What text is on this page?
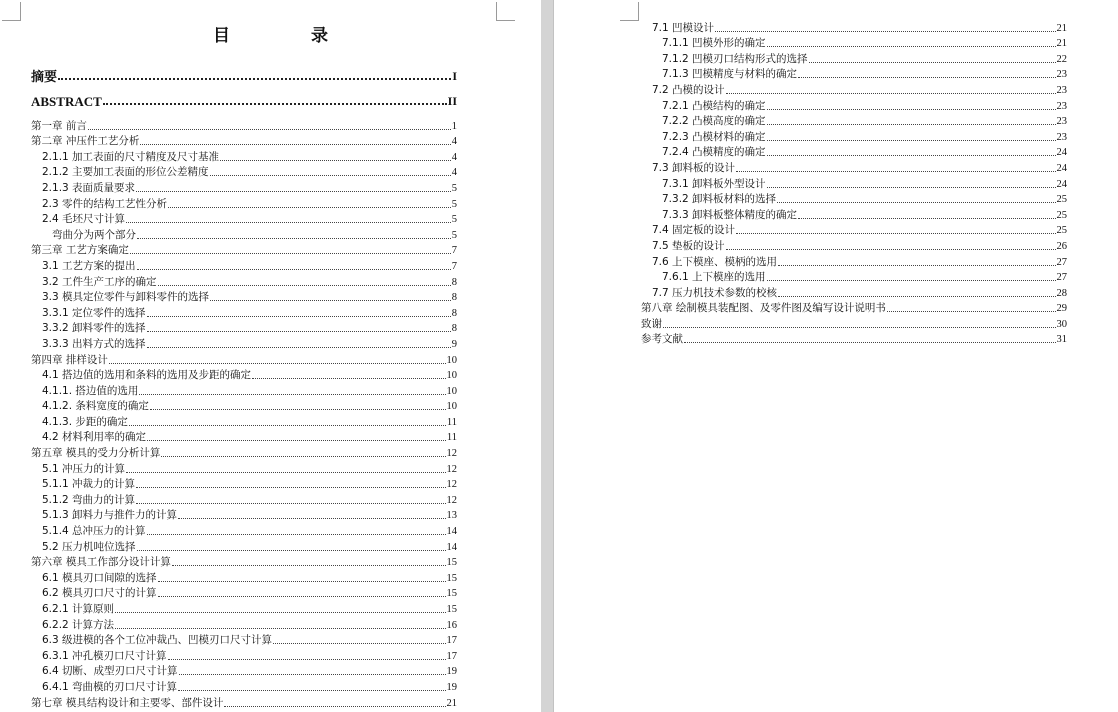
目　录
摘要	I
ABSTRACT	II
第一章 前言	1
第二章 冲压件工艺分析	4
2.1.1 加工表面的尺寸精度及尺寸基准	4
2.1.2 主要加工表面的形位公差精度	4
2.1.3 表面质量要求	5
2.3 零件的结构工艺性分析	5
2.4 毛坯尺寸计算	5
弯曲分为两个部分	5
第三章 工艺方案确定	7
3.1 工艺方案的提出	7
3.2 工件生产工序的确定	8
3.3 模具定位零件与卸料零件的选择	8
3.3.1 定位零件的选择	8
3.3.2 卸料零件的选择	8
3.3.3 出料方式的选择	9
第四章 排样设计	10
4.1 搭边值的选用和条料的选用及步距的确定	10
4.1.1. 搭边值的选用	10
4.1.2. 条料宽度的确定	10
4.1.3. 步距的确定	11
4.2 材料利用率的确定	11
第五章 模具的受力分析计算	12
5.1 冲压力的计算	12
5.1.1 冲裁力的计算	12
5.1.2 弯曲力的计算	12
5.1.3 卸料力与推件力的计算	13
5.1.4 总冲压力的计算	14
5.2 压力机吨位选择	14
第六章 模具工作部分设计计算	15
6.1 模具刃口间隙的选择	15
6.2 模具刃口尺寸的计算	15
6.2.1 计算原则	15
6.2.2 计算方法	16
6.3 级进模的各个工位冲裁凸、凹模刃口尺寸计算	17
6.3.1 冲孔模刃口尺寸计算	17
6.4 切断、成型刃口尺寸计算	19
6.4.1 弯曲模的刃口尺寸计算	19
第七章 模具结构设计和主要零、部件设计	21
7.1 凹模设计	21
7.1.1 凹模外形的确定	21
7.1.2 凹模刃口结构形式的选择	22
7.1.3 凹模精度与材料的确定	23
7.2 凸模的设计	23
7.2.1 凸模结构的确定	23
7.2.2 凸模高度的确定	23
7.2.3 凸模材料的确定	23
7.2.4 凸模精度的确定	24
7.3 卸料板的设计	24
7.3.1 卸料板外型设计	24
7.3.2 卸料板材料的选择	25
7.3.3 卸料板整体精度的确定	25
7.4 固定板的设计	25
7.5 垫板的设计	26
7.6 上下模座、模柄的选用	27
7.6.1 上下模座的选用	27
7.7 压力机技术参数的校核	28
第八章 绘制模具装配图、及零件图及编写设计说明书	29
致谢	30
参考文献	31
